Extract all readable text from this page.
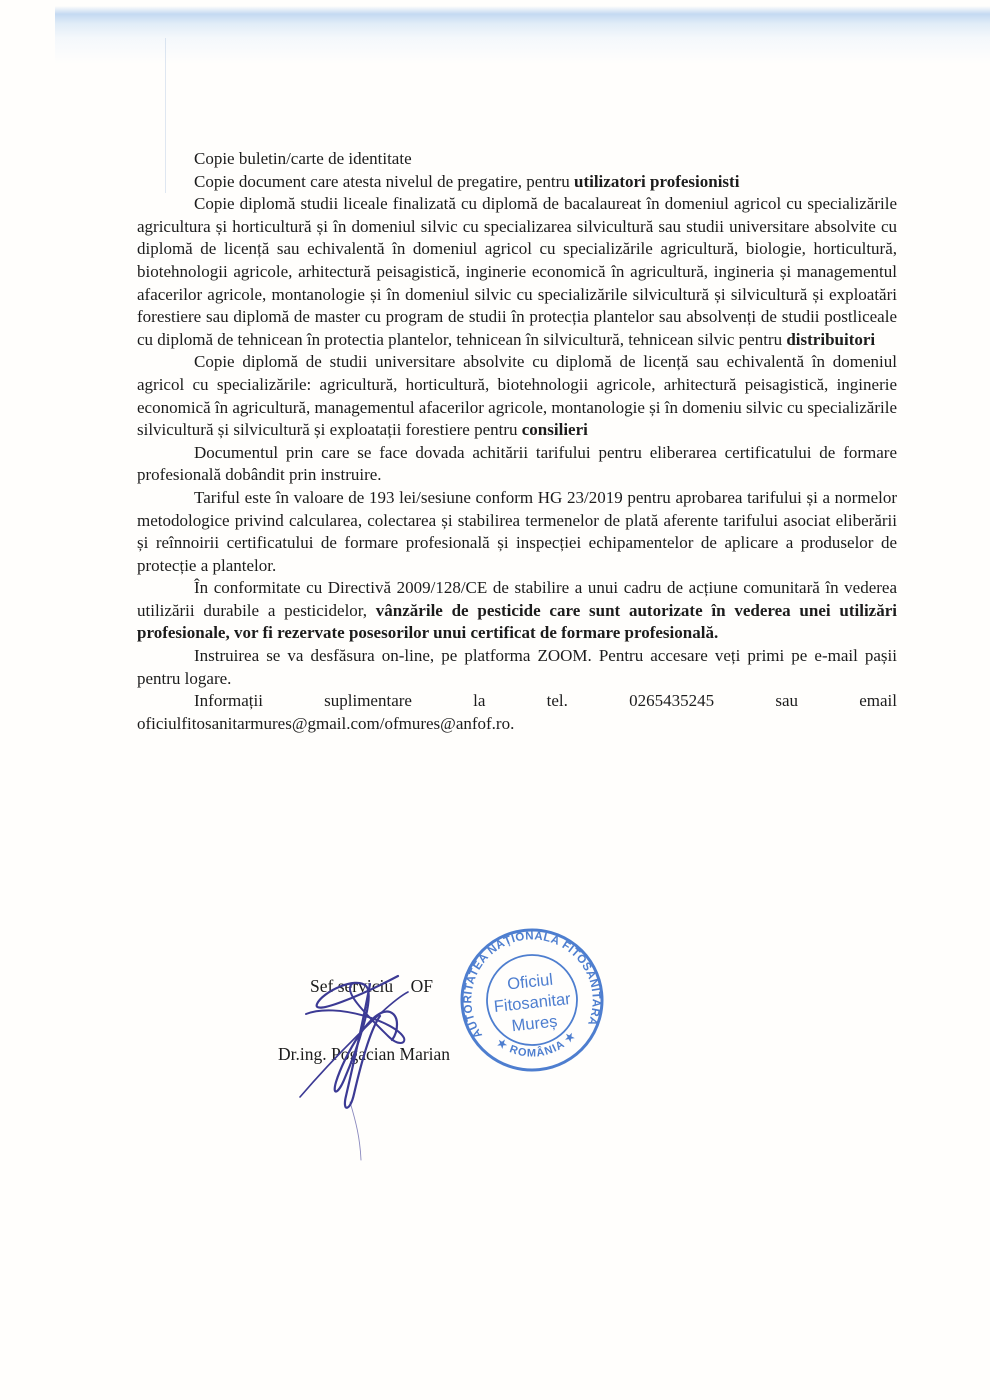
Copie buletin/carte de identitate

Copie document care atesta nivelul de pregatire, pentru utilizatori profesionisti

Copie diplomă studii liceale finalizată cu diplomă de bacalaureat în domeniul agricol cu specializările agricultura și horticultură și în domeniul silvic cu specializarea silvicultură sau studii universitare absolvite cu diplomă de licență sau echivalentă în domeniul agricol cu specializările agricultură, biologie, horticultură, biotehnologii agricole, arhitectură peisagistică, inginerie economică în agricultură, ingineria și managementul afacerilor agricole, montanologie și în domeniul silvic cu specializările silvicultură și silvicultură și exploatări forestiere sau diplomă de master cu program de studii în protecția plantelor sau absolvenți de studii postliceale cu diplomă de tehnicean în protectia plantelor, tehnicean în silvicultură, tehnicean silvic pentru distribuitori

Copie diplomă de studii universitare absolvite cu diplomă de licență sau echivalentă în domeniul agricol cu specializările: agricultură, horticultură, biotehnologii agricole, arhitectură peisagistică, inginerie economică în agricultură, managementul afacerilor agricole, montanologie și în domeniu silvic cu specializările silvicultură și silvicultură și exploatații forestiere pentru consilieri

Documentul prin care se face dovada achitării tarifului pentru eliberarea certificatului de formare profesională dobândit prin instruire.

Tariful este în valoare de 193 lei/sesiune conform HG 23/2019 pentru aprobarea tarifului și a normelor metodologice privind calcularea, colectarea și stabilirea termenelor de plată aferente tarifului asociat eliberării și reînnoirii certificatului de formare profesională și inspecției echipamentelor de aplicare a produselor de protecție a plantelor.

În conformitate cu Directivă 2009/128/CE de stabilire a unui cadru de acțiune comunitară în vederea utilizării durabile a pesticidelor, vânzările de pesticide care sunt autorizate în vederea unei utilizări profesionale, vor fi rezervate posesorilor unui certificat de formare profesională.

Instruirea se va desfăsura on-line, pe platforma ZOOM. Pentru accesare veți primi pe e-mail pașii pentru logare.

Informații suplimentare la tel. 0265435245 sau email
oficiulfitosanitarmures@gmail.com/ofmures@anfof.ro.

Sef serviciu    OF

Dr.ing. Pogacian Marian

AUTORITATEA NAȚIONALĂ FITOSANITARĂ
★ ROMÂNIA ★
Oficiul
Fitosanitar
Mureș
